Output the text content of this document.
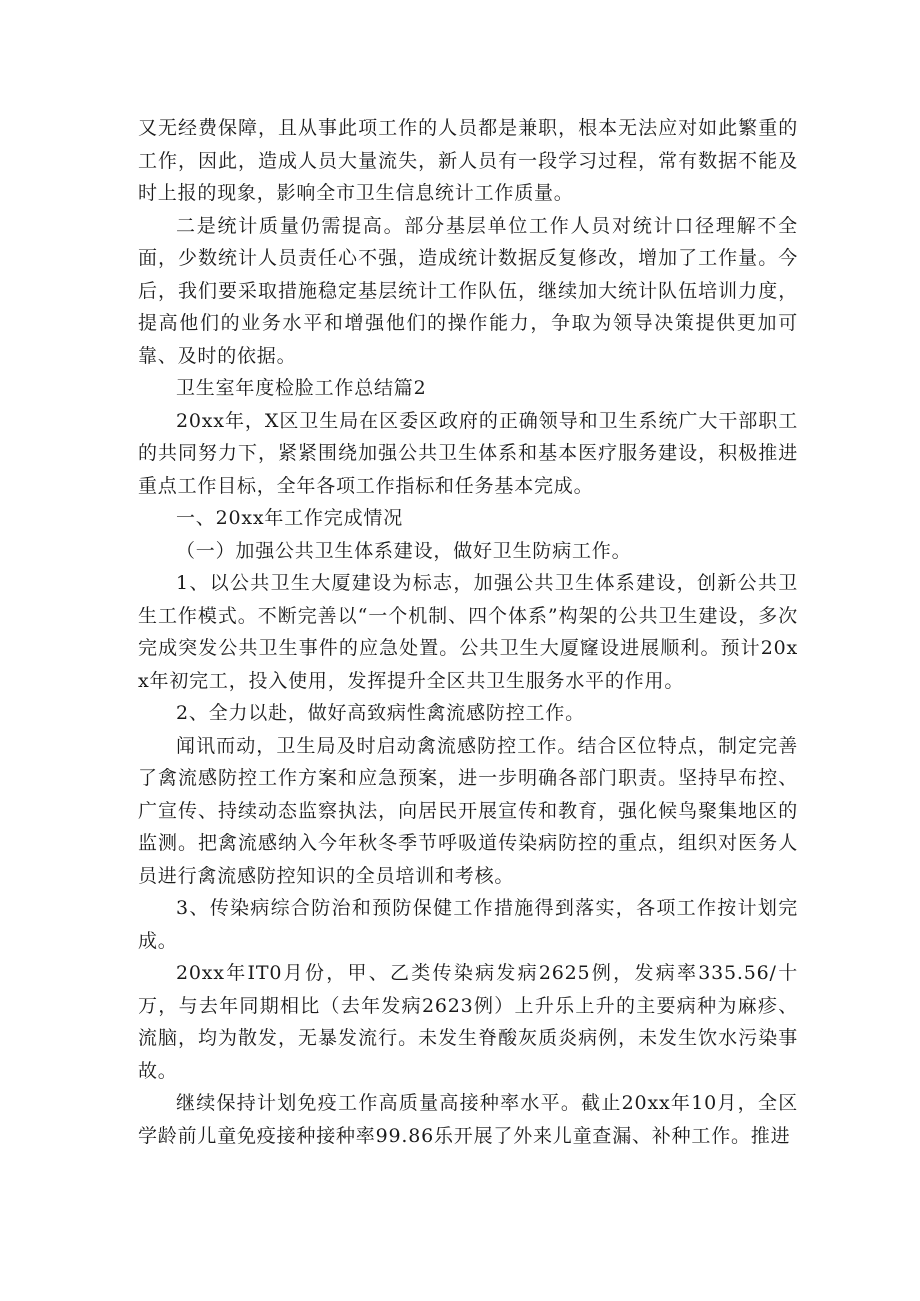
又无经费保障，且从事此项工作的人员都是兼职，根本无法应对如此繁重的工作，因此，造成人员大量流失，新人员有一段学习过程，常有数据不能及时上报的现象，影响全市卫生信息统计工作质量。

二是统计质量仍需提高。部分基层单位工作人员对统计口径理解不全面，少数统计人员责任心不强，造成统计数据反复修改，增加了工作量。今后，我们要采取措施稳定基层统计工作队伍，继续加大统计队伍培训力度，提高他们的业务水平和增强他们的操作能力，争取为领导决策提供更加可靠、及时的依据。

卫生室年度检脸工作总结篇2

20xx年，X区卫生局在区委区政府的正确领导和卫生系统广大干部职工的共同努力下，紧紧围绕加强公共卫生体系和基本医疗服务建设，积极推进重点工作目标，全年各项工作指标和任务基本完成。

一、20xx年工作完成情况

（一）加强公共卫生体系建设，做好卫生防病工作。

1、以公共卫生大厦建设为标志，加强公共卫生体系建设，创新公共卫生工作模式。不断完善以“一个机制、四个体系”构架的公共卫生建设，多次完成突发公共卫生事件的应急处置。公共卫生大厦窿设进展顺利。预计20xx年初完工，投入使用，发挥提升全区共卫生服务水平的作用。

2、全力以赴，做好高致病性禽流感防控工作。

闻讯而动，卫生局及时启动禽流感防控工作。结合区位特点，制定完善了禽流感防控工作方案和应急预案，进一步明确各部门职责。坚持早布控、广宣传、持续动态监察执法，向居民开展宣传和教育，强化候鸟聚集地区的监测。把禽流感纳入今年秋冬季节呼吸道传染病防控的重点，组织对医务人员进行禽流感防控知识的全员培训和考核。

3、传染病综合防治和预防保健工作措施得到落实，各项工作按计划完成。

20xx年IT0月份，甲、乙类传染病发病2625例，发病率335.56/十万，与去年同期相比（去年发病2623例）上升乐上升的主要病种为麻疹、流脑，均为散发，无暴发流行。未发生脊酸灰质炎病例，未发生饮水污染事故。

继续保持计划免疫工作高质量高接种率水平。截止20xx年10月，全区学龄前儿童免疫接种接种率99.86乐开展了外来儿童查漏、补种工作。推进
